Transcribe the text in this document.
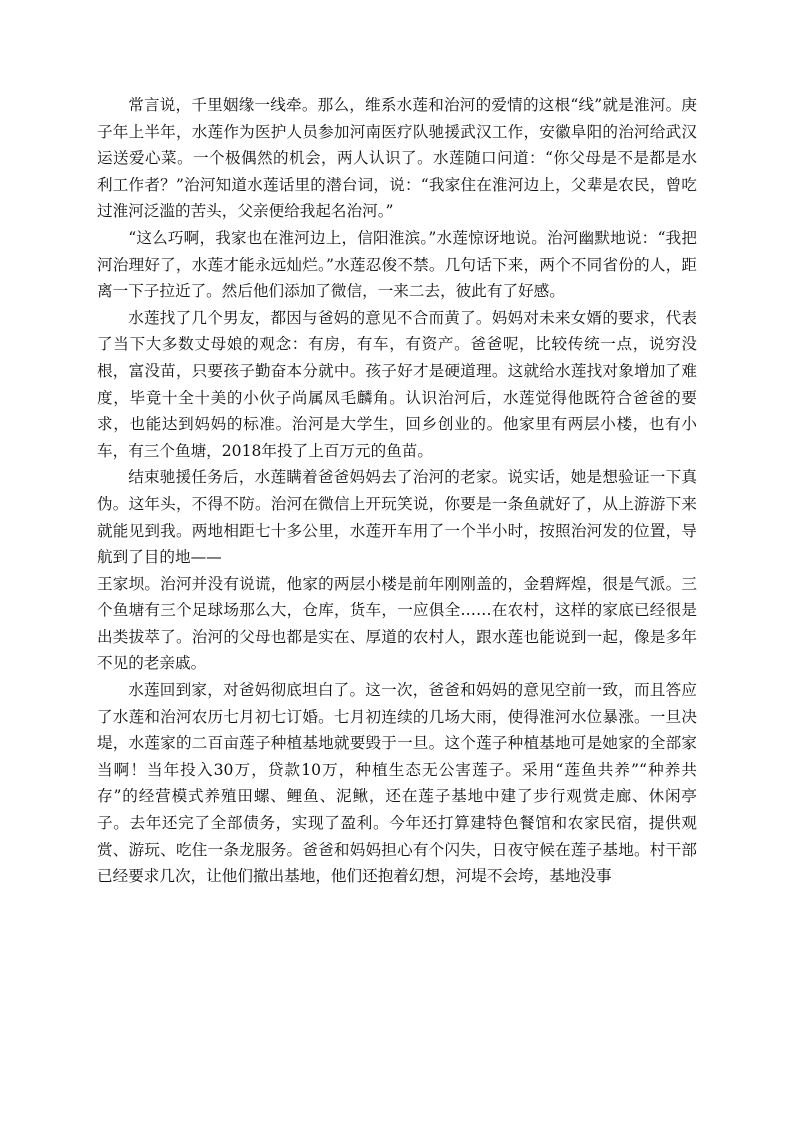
常言说，千里姻缘一线牵。那么，维系水莲和治河的爱情的这根“线”就是淮河。庚子年上半年，水莲作为医护人员参加河南医疗队驰援武汉工作，安徽阜阳的治河给武汉运送爱心菜。一个极偶然的机会，两人认识了。水莲随口问道：“你父母是不是都是水利工作者？”治河知道水莲话里的潜台词，说：“我家住在淮河边上，父辈是农民，曾吃过淮河泛滥的苦头，父亲便给我起名治河。”

“这么巧啊，我家也在淮河边上，信阳淮滨。”水莲惊讶地说。治河幽默地说：“我把河治理好了，水莲才能永远灿烂。”水莲忍俊不禁。几句话下来，两个不同省份的人，距离一下子拉近了。然后他们添加了微信，一来二去，彼此有了好感。

水莲找了几个男友，都因与爸妈的意见不合而黄了。妈妈对未来女婿的要求，代表了当下大多数丈母娘的观念：有房，有车，有资产。爸爸呢，比较传统一点，说穷没根，富没苗，只要孩子勤奋本分就中。孩子好才是硬道理。这就给水莲找对象增加了难度，毕竟十全十美的小伙子尚属凤毛麟角。认识治河后，水莲觉得他既符合爸爸的要求，也能达到妈妈的标准。治河是大学生，回乡创业的。他家里有两层小楼，也有小车，有三个鱼塘，2018年投了上百万元的鱼苗。

结束驰援任务后，水莲瞒着爸爸妈妈去了治河的老家。说实话，她是想验证一下真伪。这年头，不得不防。治河在微信上开玩笑说，你要是一条鱼就好了，从上游游下来就能见到我。两地相距七十多公里，水莲开车用了一个半小时，按照治河发的位置，导航到了目的地——

王家坝。治河并没有说谎，他家的两层小楼是前年刚刚盖的，金碧辉煌，很是气派。三个鱼塘有三个足球场那么大，仓库，货车，一应俱全……在农村，这样的家底已经很是出类拔萃了。治河的父母也都是实在、厚道的农村人，跟水莲也能说到一起，像是多年不见的老亲戚。

水莲回到家，对爸妈彻底坦白了。这一次，爸爸和妈妈的意见空前一致，而且答应了水莲和治河农历七月初七订婚。七月初连续的几场大雨，使得淮河水位暴涨。一旦决堤，水莲家的二百亩莲子种植基地就要毁于一旦。这个莲子种植基地可是她家的全部家当啊！当年投入30万，贷款10万，种植生态无公害莲子。采用“莲鱼共养”“种养共存”的经营模式养殖田螺、鲤鱼、泥鳅，还在莲子基地中建了步行观赏走廊、休闲亭子。去年还完了全部债务，实现了盈利。今年还打算建特色餐馆和农家民宿，提供观赏、游玩、吃住一条龙服务。爸爸和妈妈担心有个闪失，日夜守候在莲子基地。村干部已经要求几次，让他们撤出基地，他们还抱着幻想，河堤不会垮，基地没事
